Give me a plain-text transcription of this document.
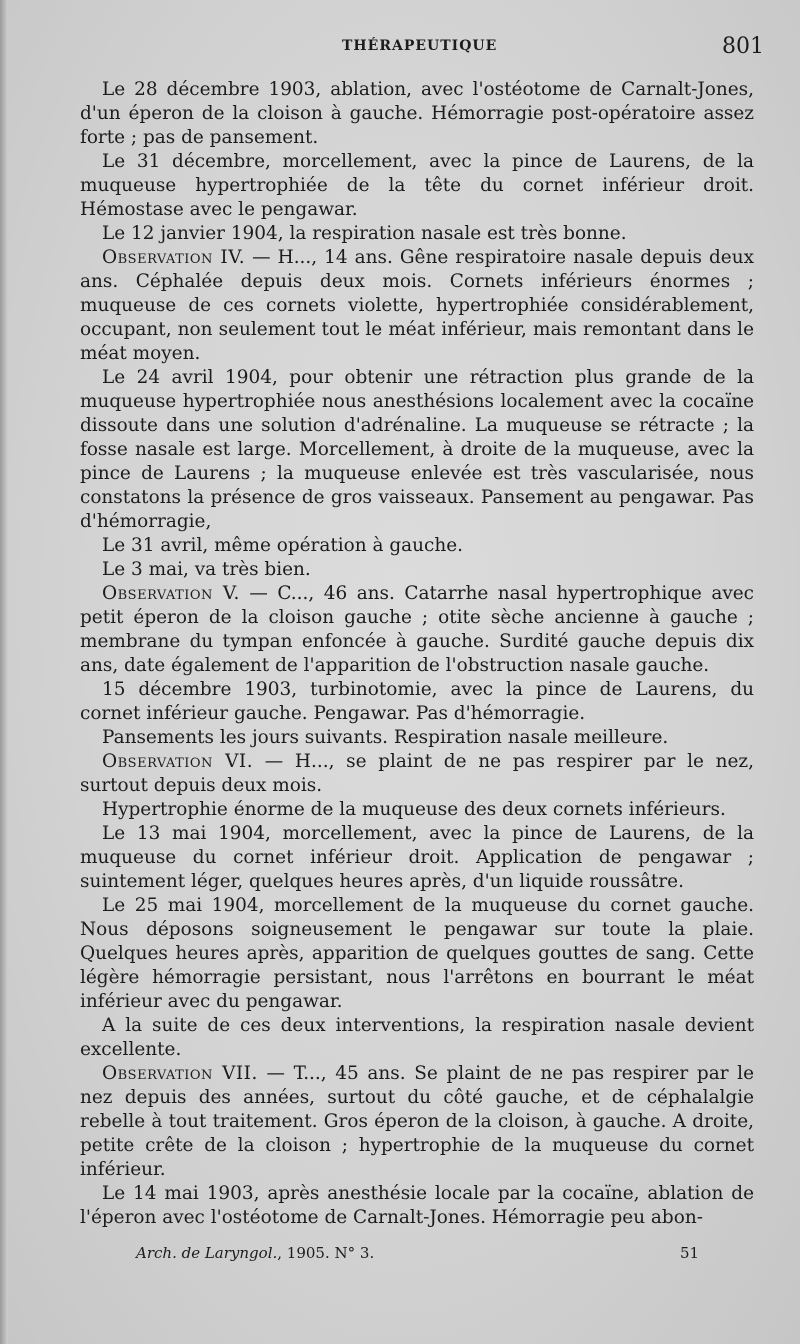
THÉRAPEUTIQUE	801

Le 28 décembre 1903, ablation, avec l'ostéotome de Carnalt-Jones, d'un éperon de la cloison à gauche. Hémorragie post-opératoire assez forte ; pas de pansement.

Le 31 décembre, morcellement, avec la pince de Laurens, de la muqueuse hypertrophiée de la tête du cornet inférieur droit. Hémostase avec le pengawar.

Le 12 janvier 1904, la respiration nasale est très bonne.

Observation IV. — H..., 14 ans. Gêne respiratoire nasale depuis deux ans. Céphalée depuis deux mois. Cornets inférieurs énormes ; muqueuse de ces cornets violette, hypertrophiée considérablement, occupant, non seulement tout le méat inférieur, mais remontant dans le méat moyen.

Le 24 avril 1904, pour obtenir une rétraction plus grande de la muqueuse hypertrophiée nous anesthésions localement avec la cocaïne dissoute dans une solution d'adrénaline. La muqueuse se rétracte ; la fosse nasale est large. Morcellement, à droite de la muqueuse, avec la pince de Laurens ; la muqueuse enlevée est très vascularisée, nous constatons la présence de gros vaisseaux. Pansement au pengawar. Pas d'hémorragie,

Le 31 avril, même opération à gauche.

Le 3 mai, va très bien.

Observation V. — C..., 46 ans. Catarrhe nasal hypertrophique avec petit éperon de la cloison gauche ; otite sèche ancienne à gauche ; membrane du tympan enfoncée à gauche. Surdité gauche depuis dix ans, date également de l'apparition de l'obstruction nasale gauche.

15 décembre 1903, turbinotomie, avec la pince de Laurens, du cornet inférieur gauche. Pengawar. Pas d'hémorragie.

Pansements les jours suivants. Respiration nasale meilleure.

Observation VI. — H..., se plaint de ne pas respirer par le nez, surtout depuis deux mois.

Hypertrophie énorme de la muqueuse des deux cornets inférieurs.

Le 13 mai 1904, morcellement, avec la pince de Laurens, de la muqueuse du cornet inférieur droit. Application de pengawar ; suintement léger, quelques heures après, d'un liquide roussâtre.

Le 25 mai 1904, morcellement de la muqueuse du cornet gauche. Nous déposons soigneusement le pengawar sur toute la plaie. Quelques heures après, apparition de quelques gouttes de sang. Cette légère hémorragie persistant, nous l'arrêtons en bourrant le méat inférieur avec du pengawar.

A la suite de ces deux interventions, la respiration nasale devient excellente.

Observation VII. — T..., 45 ans. Se plaint de ne pas respirer par le nez depuis des années, surtout du côté gauche, et de céphalalgie rebelle à tout traitement. Gros éperon de la cloison, à gauche. A droite, petite crête de la cloison ; hypertrophie de la muqueuse du cornet inférieur.

Le 14 mai 1903, après anesthésie locale par la cocaïne, ablation de l'éperon avec l'ostéotome de Carnalt-Jones. Hémorragie peu abon-

Arch. de Laryngol., 1905. N° 3.	51
